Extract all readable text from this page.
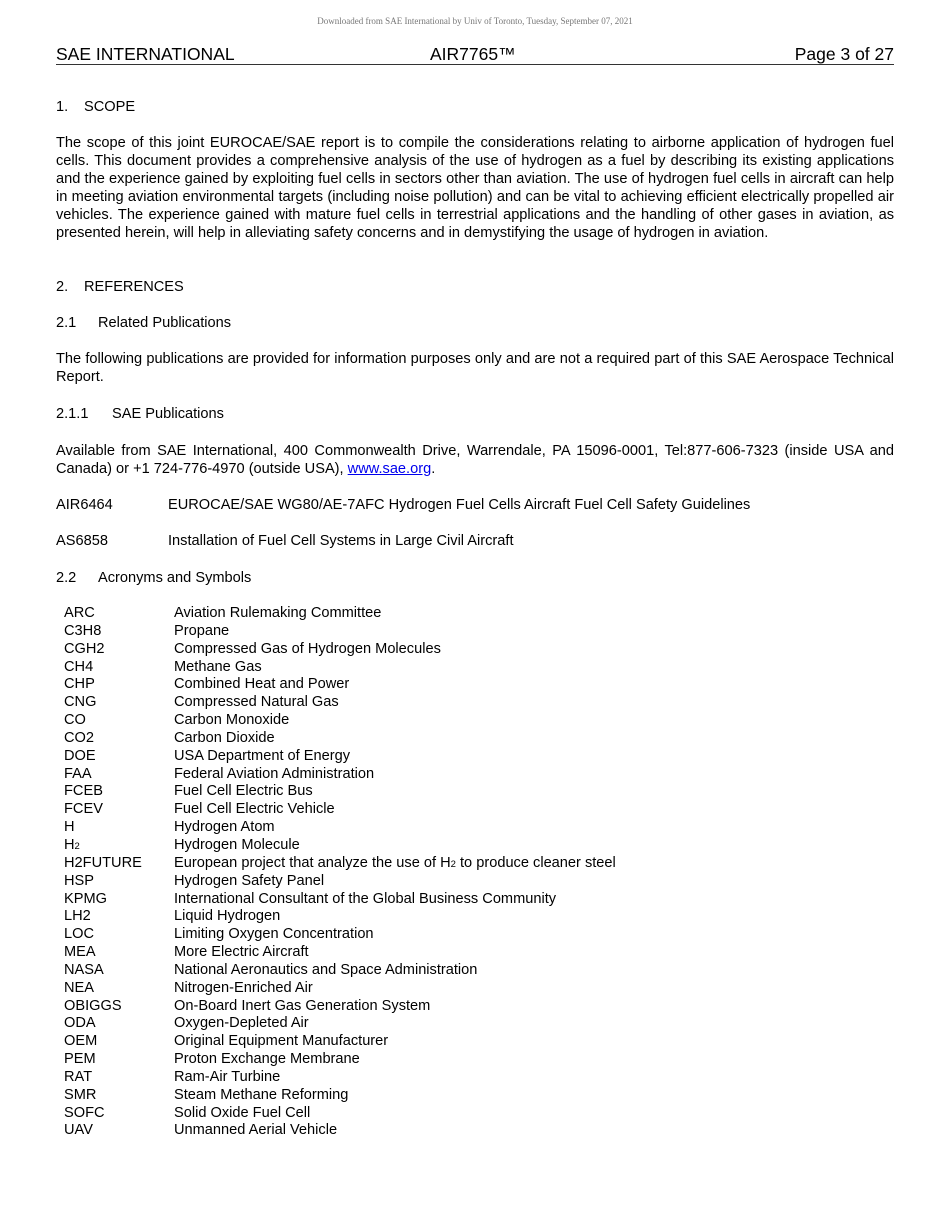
Downloaded from SAE International by Univ of Toronto, Tuesday, September 07, 2021
SAE INTERNATIONAL	AIR7765™	Page 3 of 27
1. SCOPE
The scope of this joint EUROCAE/SAE report is to compile the considerations relating to airborne application of hydrogen fuel cells. This document provides a comprehensive analysis of the use of hydrogen as a fuel by describing its existing applications and the experience gained by exploiting fuel cells in sectors other than aviation. The use of hydrogen fuel cells in aircraft can help in meeting aviation environmental targets (including noise pollution) and can be vital to achieving efficient electrically propelled air vehicles. The experience gained with mature fuel cells in terrestrial applications and the handling of other gases in aviation, as presented herein, will help in alleviating safety concerns and in demystifying the usage of hydrogen in aviation.
2. REFERENCES
2.1 Related Publications
The following publications are provided for information purposes only and are not a required part of this SAE Aerospace Technical Report.
2.1.1 SAE Publications
Available from SAE International, 400 Commonwealth Drive, Warrendale, PA 15096-0001, Tel:877-606-7323 (inside USA and Canada) or +1 724-776-4970 (outside USA), www.sae.org.
AIR6464	EUROCAE/SAE WG80/AE-7AFC Hydrogen Fuel Cells Aircraft Fuel Cell Safety Guidelines
AS6858	Installation of Fuel Cell Systems in Large Civil Aircraft
2.2 Acronyms and Symbols
ARC	Aviation Rulemaking Committee
C3H8	Propane
CGH2	Compressed Gas of Hydrogen Molecules
CH4	Methane Gas
CHP	Combined Heat and Power
CNG	Compressed Natural Gas
CO	Carbon Monoxide
CO2	Carbon Dioxide
DOE	USA Department of Energy
FAA	Federal Aviation Administration
FCEB	Fuel Cell Electric Bus
FCEV	Fuel Cell Electric Vehicle
H	Hydrogen Atom
H2	Hydrogen Molecule
H2FUTURE European project that analyze the use of H2 to produce cleaner steel
HSP	Hydrogen Safety Panel
KPMG	International Consultant of the Global Business Community
LH2	Liquid Hydrogen
LOC	Limiting Oxygen Concentration
MEA	More Electric Aircraft
NASA	National Aeronautics and Space Administration
NEA	Nitrogen-Enriched Air
OBIGGS	On-Board Inert Gas Generation System
ODA	Oxygen-Depleted Air
OEM	Original Equipment Manufacturer
PEM	Proton Exchange Membrane
RAT	Ram-Air Turbine
SMR	Steam Methane Reforming
SOFC	Solid Oxide Fuel Cell
UAV	Unmanned Aerial Vehicle
